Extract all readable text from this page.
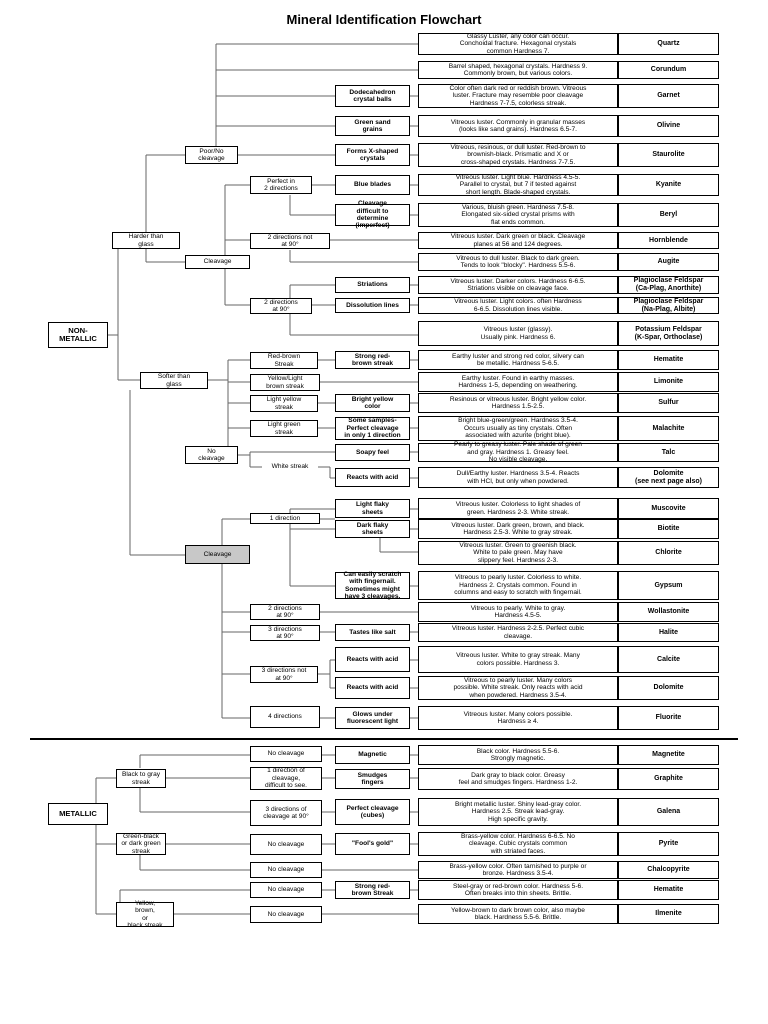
Mineral Identification Flowchart
NON-
METALLIC
Harder than
glass
Softer than
glass
Poor/No
cleavage
Cleavage
No
cleavage
Cleavage
Perfect in
2 directions
2 directions not
at 90°
2 directions
at 90°
Red-brown
Streak
Yellow/Light
brown streak
Light yellow
streak
Light green
streak
White streak
1 direction
2 directions
at 90°
3 directions
at 90°
3 directions not
at 90°
4 directions
METALLIC
Black to gray
streak
Green-black
or dark green
streak
Yellow,
brown,
or
black streak
No cleavage
1 direction of
cleavage,
difficult to see.
3 directions of
cleavage at 90°
No cleavage
No cleavage
No cleavage
No cleavage
Glassy Luster, any color can occur.
Conchoidal fracture. Hexagonal crystals
common Hardness 7.
Quartz
Barrel shaped, hexagonal crystals. Hardness 9.
Commonly brown, but various colors.
Corundum
Dodecahedron
crystal balls
Color often dark red or reddish brown. Vitreous
luster. Fracture may resemble poor cleavage
Hardness 7-7.5, colorless streak.
Garnet
Green sand
grains
Vitreous luster. Commonly in granular masses
(looks like sand grains). Hardness 6.5-7.
Olivine
Forms X-shaped
crystals
Vitreous, resinous, or dull luster. Red-brown to
brownish-black. Prismatic and X or
cross-shaped crystals. Hardness 7-7.5.
Staurolite
Blue blades
Vitreous luster. Light blue. Hardness 4.5-5.
Parallel to crystal, but 7 if tested against
short length. Blade-shaped crystals.
Kyanite
Cleavage
difficult to
determine
(imperfect)
Various, bluish green. Hardness 7.5-8.
Elongated six-sided crystal prisms with
flat ends common.
Beryl
Vitreous luster. Dark green or black. Cleavage
planes at 56 and 124 degrees.
Hornblende
Vitreous to dull luster. Black to dark green.
Tends to look "blocky". Hardness 5.5-6.
Augite
Striations
Vitreous luster. Darker colors. Hardness 6-6.5.
Striations visible on cleavage face.
Plagioclase Feldspar
(Ca-Plag, Anorthite)
Dissolution lines
Vitreous luster. Light colors. often Hardness
6-6.5. Dissolution lines visible.
Plagioclase Feldspar
(Na-Plag, Albite)
Vitreous luster (glassy).
Usually pink. Hardness 6.
Potassium Feldspar
(K-Spar, Orthoclase)
Strong red-
brown streak
Earthy luster and strong red color, silvery can
be metallic. Hardness 5-6.5.
Hematite
Earthy luster. Found in earthy masses.
Hardness 1-5, depending on weathering.
Limonite
Bright yellow
color
Resinous or vitreous luster. Bright yellow color.
Hardness 1.5-2.5.
Sulfur
Some samples-
Perfect cleavage
in only 1 direction
Bright blue-green/green. Hardness 3.5-4.
Occurs usually as tiny crystals. Often
associated with azurite (bright blue).
Malachite
Soapy feel
Pearly to greasy luster. Pale shade of green
and gray. Hardness 1. Greasy feel.
No visible cleavage.
Talc
Reacts with acid
Dull/Earthy luster. Hardness 3.5-4. Reacts
with HCl, but only when powdered.
Dolomite
(see next page also)
Light flaky
sheets
Vitreous luster. Colorless to light shades of
green. Hardness 2-3. White streak.
Muscovite
Dark flaky
sheets
Vitreous luster. Dark green, brown, and black.
Hardness 2.5-3. White to gray streak.
Biotite
Vitreous luster. Green to greenish black.
White to pale green. May have
slippery feel. Hardness 2-3.
Chlorite
Can easily scratch
with fingernail.
Sometimes might
have 3 cleavages.
Vitreous to pearly luster. Colorless to white.
Hardness 2. Crystals common. Found in
columns and easy to scratch with fingernail.
Gypsum
Vitreous to pearly. White to gray.
Hardness 4.5-5.
Wollastonite
Tastes like salt
Vitreous luster. Hardness 2-2.5. Perfect cubic
cleavage.
Halite
Reacts with acid
Vitreous luster. White to gray streak. Many
colors possible. Hardness 3.
Calcite
Reacts with acid
Vitreous to pearly luster. Many colors
possible. White streak. Only reacts with acid
when powdered. Hardness 3.5-4.
Dolomite
Glows under
fluorescent light
Vitreous luster. Many colors possible.
Hardness ≥ 4.
Fluorite
Magnetic
Black color. Hardness 5.5-6.
Strongly magnetic.
Magnetite
Smudges
fingers
Dark gray to black color. Greasy
feel and smudges fingers. Hardness 1-2.
Graphite
Perfect cleavage
(cubes)
Bright metallic luster. Shiny lead-gray color.
Hardness 2.5. Streak lead-gray.
High specific gravity.
Galena
"Fool's gold"
Brass-yellow color. Hardness 6-6.5. No
cleavage. Cubic crystals common
with striated faces.
Pyrite
Brass-yellow color. Often tarnished to purple or
bronze. Hardness 3.5-4.
Chalcopyrite
Strong red-
brown Streak
Steel-gray or red-brown color. Hardness 5-6.
Often breaks into thin sheets. Brittle.
Hematite
Yellow-brown to dark brown color, also maybe
black. Hardness 5.5-6. Brittle.
Ilmenite
